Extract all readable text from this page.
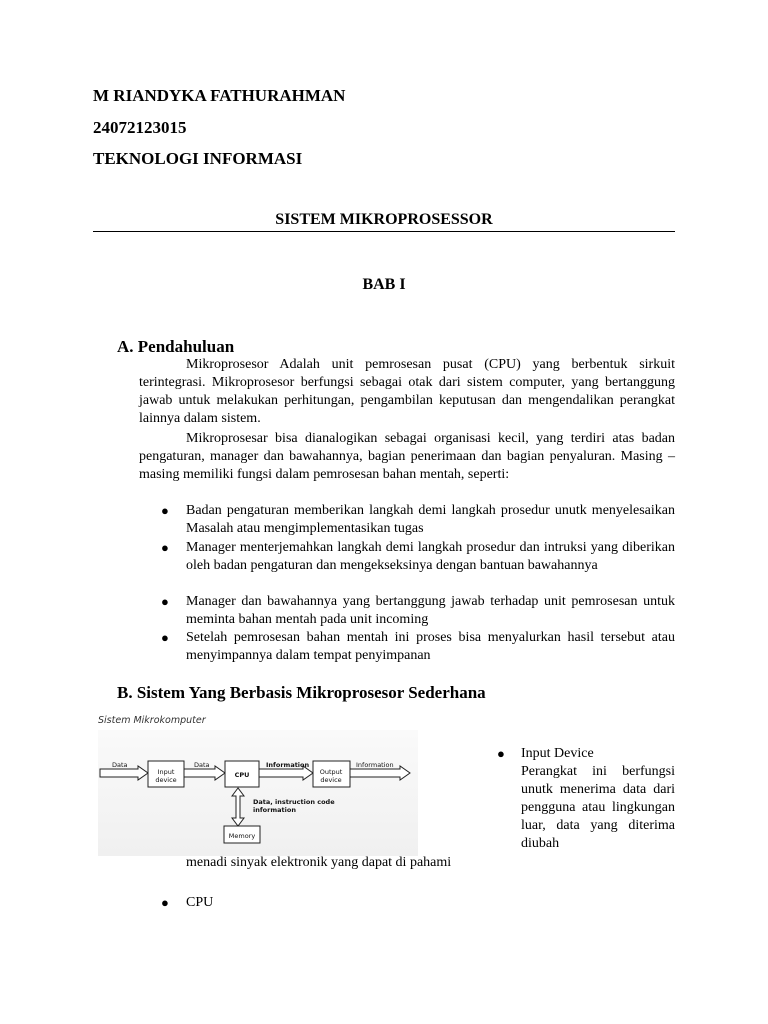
M RIANDYKA FATHURAHMAN
24072123015
TEKNOLOGI INFORMASI
SISTEM MIKROPROSESSOR
BAB I
A. Pendahuluan
Mikroprosesor Adalah unit pemrosesan pusat (CPU) yang berbentuk sirkuit terintegrasi. Mikroprosesor berfungsi sebagai otak dari sistem computer, yang bertanggung jawab untuk melakukan perhitungan, pengambilan keputusan dan mengendalikan perangkat lainnya dalam sistem.
Mikroprosesar bisa dianalogikan sebagai organisasi kecil, yang terdiri atas badan pengaturan, manager dan bawahannya, bagian penerimaan dan bagian penyaluran. Masing – masing memiliki fungsi dalam pemrosesan bahan mentah, seperti:
● Badan pengaturan memberikan langkah demi langkah prosedur unutk menyelesaikan Masalah atau mengimplementasikan tugas
● Manager menterjemahkan langkah demi langkah prosedur dan intruksi yang diberikan oleh badan pengaturan dan mengekseksinya dengan bantuan bawahannya
● Manager dan bawahannya yang bertanggung jawab terhadap unit pemrosesan untuk meminta bahan mentah pada unit incoming
● Setelah pemrosesan bahan mentah ini proses bisa menyalurkan hasil tersebut atau menyimpannya dalam tempat penyimpanan
B. Sistem Yang Berbasis Mikroprosesor Sederhana
Sistem Mikrokomputer
Data	Data	Information	Information
Data, instruction code information
Input device
CPU	Output device
Memory
● Input Device
Perangkat ini berfungsi unutk menerima data dari pengguna atau lingkungan luar, data yang diterima diubah
menadi sinyak elektronik yang dapat di pahami
● CPU
